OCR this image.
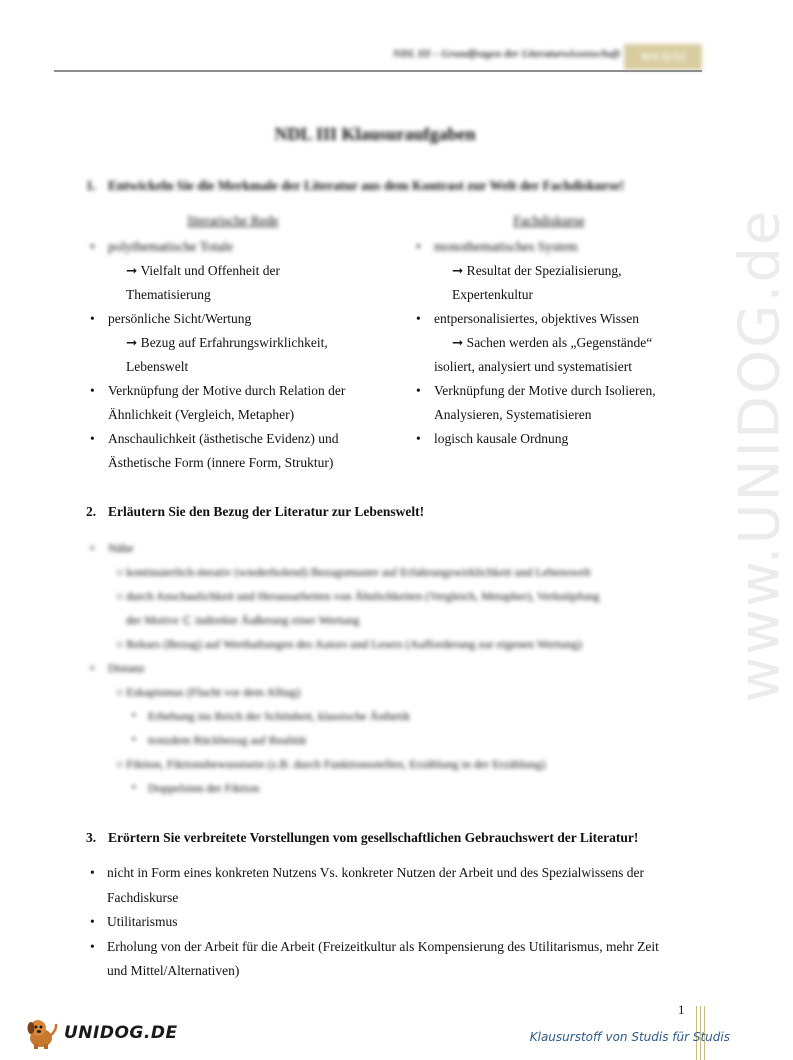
www.UNIDOG.de
NDL III – Grundfragen der Literaturwissenschaft WS 11/12
NDL III Klausuraufgaben
1. Entwickeln Sie die Merkmale der Literatur aus dem Kontrast zur Welt der Fachdiskurse!
literarische Rede
• polythematische Totale
➞ Vielfalt und Offenheit der
Thematisierung
• persönliche Sicht/Wertung
➞ Bezug auf Erfahrungswirklichkeit,
Lebenswelt
• Verknüpfung der Motive durch Relation der
Ähnlichkeit (Vergleich, Metapher)
• Anschaulichkeit (ästhetische Evidenz) und
Ästhetische Form (innere Form, Struktur)
Fachdiskurse
• monothematisches System
➞ Resultat der Spezialisierung,
Expertenkultur
• entpersonalisiertes, objektives Wissen
➞ Sachen werden als „Gegenstände“
isoliert, analysiert und systematisiert
• Verknüpfung der Motive durch Isolieren,
Analysieren, Systematisieren
• logisch kausale Ordnung
2. Erläutern Sie den Bezug der Literatur zur Lebenswelt!
• Nähe
○ kontinuierlich-iterativ (wiederholend) Bezugsmuster auf Erfahrungswirklichkeit und Lebenswelt
○ durch Anschaulichkeit und Herausarbeiten von Ähnlichkeiten (Vergleich, Metapher), Verknüpfung
der Motive ⊂ indirekte Äußerung einer Wertung
○ Rekurs (Bezug) auf Werthaltungen des Autors und Lesers (Aufforderung zur eigenen Wertung)
• Distanz
○ Eskapismus (Flucht vor dem Alltag)
▪ Erhebung ins Reich der Schönheit, klassische Ästhetik
▪ trotzdem Rückbezug auf Realität
○ Fiktion, Fiktionsbewusstsein (z.B. durch Funktionsstellen, Erzählung in der Erzählung)
▪ Doppelsinn der Fiktion
3. Erörtern Sie verbreitete Vorstellungen vom gesellschaftlichen Gebrauchswert der Literatur!
• nicht in Form eines konkreten Nutzens Vs. konkreter Nutzen der Arbeit und des Spezialwissens der
Fachdiskurse
• Utilitarismus
• Erholung von der Arbeit für die Arbeit (Freizeitkultur als Kompensierung des Utilitarismus, mehr Zeit
und Mittel/Alternativen)
1
UNIDOG.DE	Klausurstoff von Studis für Studis
